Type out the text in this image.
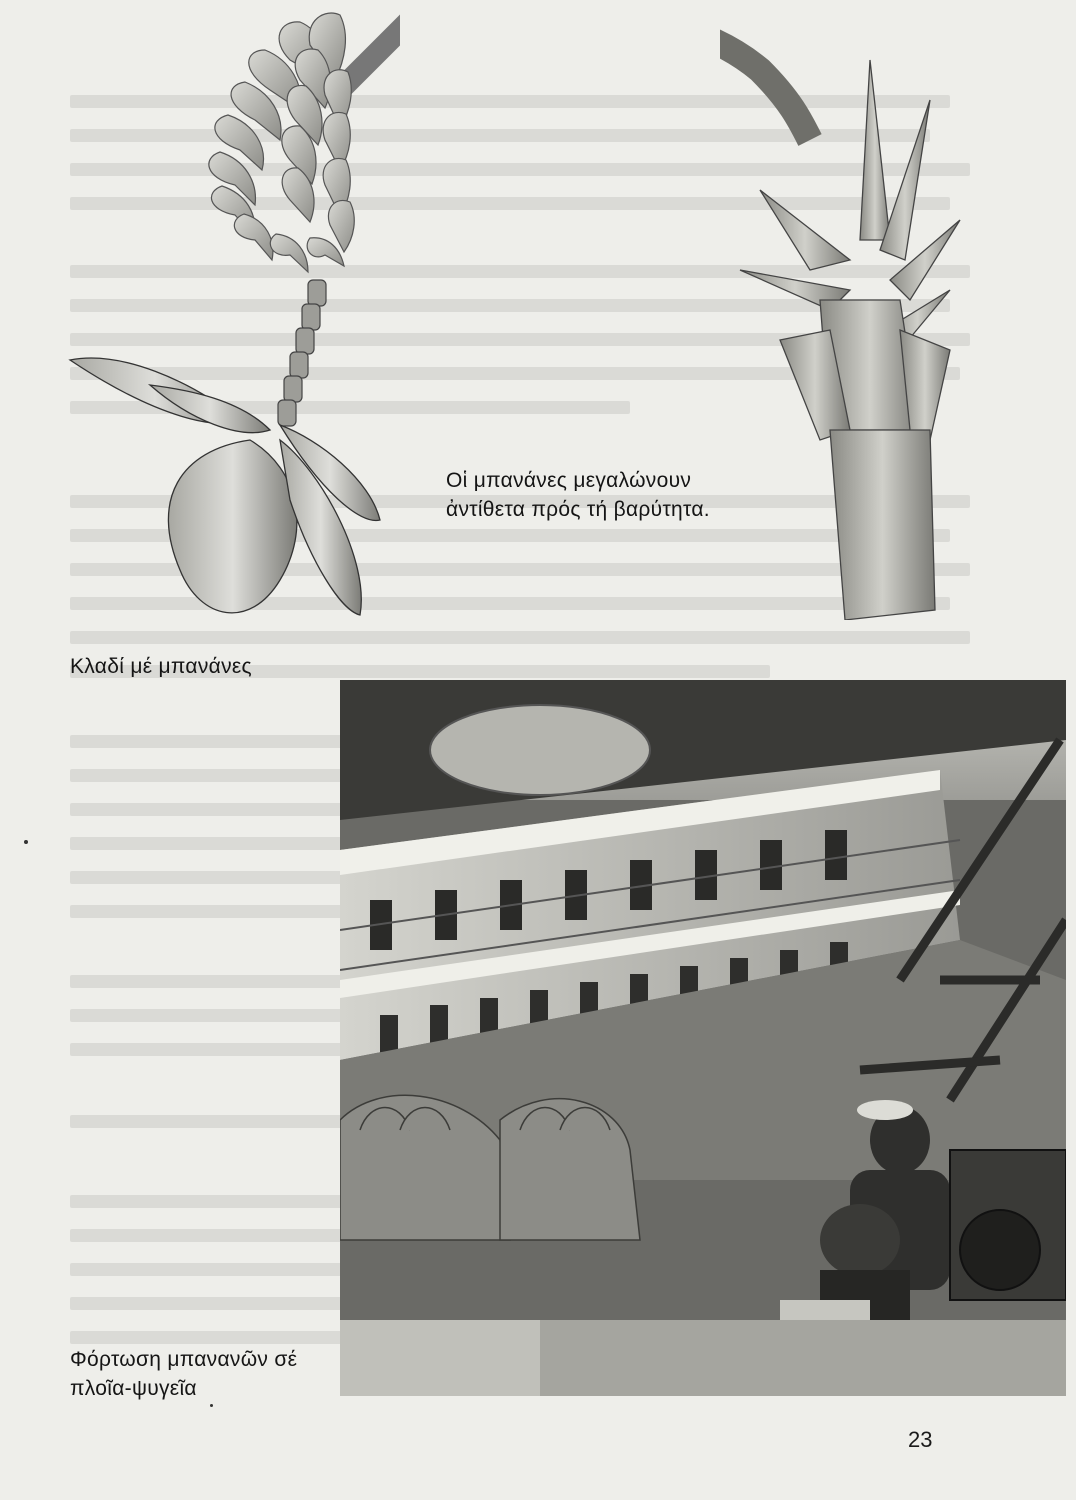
Οἱ μπανάνες μεγαλώνουν
ἀντίθετα πρός τή βαρύτητα.
Κλαδί μέ μπανάνες
Φόρτωση μπανανῶν σέ
πλοῖα-ψυγεῖα
23
